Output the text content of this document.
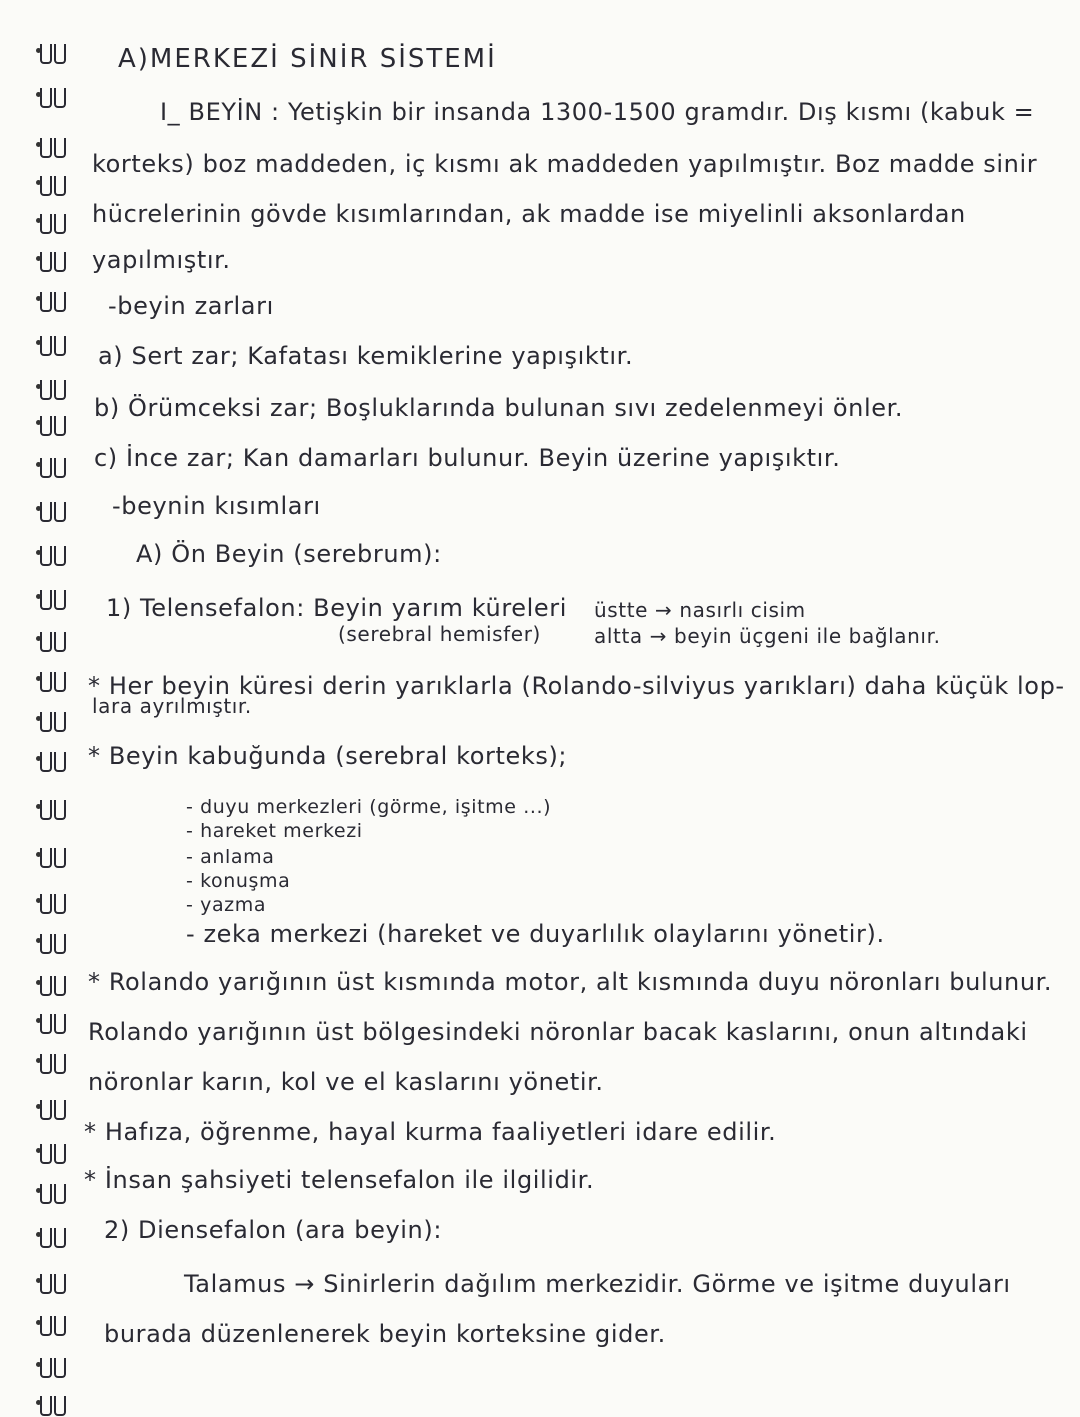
A)MERKEZİ SİNİR SİSTEMİ
I_ BEYİN : Yetişkin bir insanda 1300-1500 gramdır. Dış kısmı (kabuk =
korteks) boz maddeden, iç kısmı ak maddeden yapılmıştır. Boz madde sinir
hücrelerinin gövde kısımlarından, ak madde ise miyelinli aksonlardan
yapılmıştır.
-beyin zarları
a) Sert zar; Kafatası kemiklerine yapışıktır.
b) Örümceksi zar; Boşluklarında bulunan sıvı zedelenmeyi önler.
c) İnce zar; Kan damarları bulunur. Beyin üzerine yapışıktır.
-beynin kısımları
A) Ön Beyin (serebrum):
1) Telensefalon: Beyin yarım küreleri
(serebral hemisfer)
üstte → nasırlı cisim
altta → beyin üçgeni ile bağlanır.
* Her beyin küresi derin yarıklarla (Rolando-silviyus yarıkları) daha küçük lop-
lara ayrılmıştır.
* Beyin kabuğunda (serebral korteks);
- duyu merkezleri (görme, işitme ...)
- hareket merkezi
- anlama
- konuşma
- yazma
- zeka merkezi (hareket ve duyarlılık olaylarını yönetir).
* Rolando yarığının üst kısmında motor, alt kısmında duyu nöronları bulunur.
Rolando yarığının üst bölgesindeki nöronlar bacak kaslarını, onun altındaki
nöronlar karın, kol ve el kaslarını yönetir.
* Hafıza, öğrenme, hayal kurma faaliyetleri idare edilir.
* İnsan şahsiyeti telensefalon ile ilgilidir.
2) Diensefalon (ara beyin):
Talamus → Sinirlerin dağılım merkezidir. Görme ve işitme duyuları
burada düzenlenerek beyin korteksine gider.
